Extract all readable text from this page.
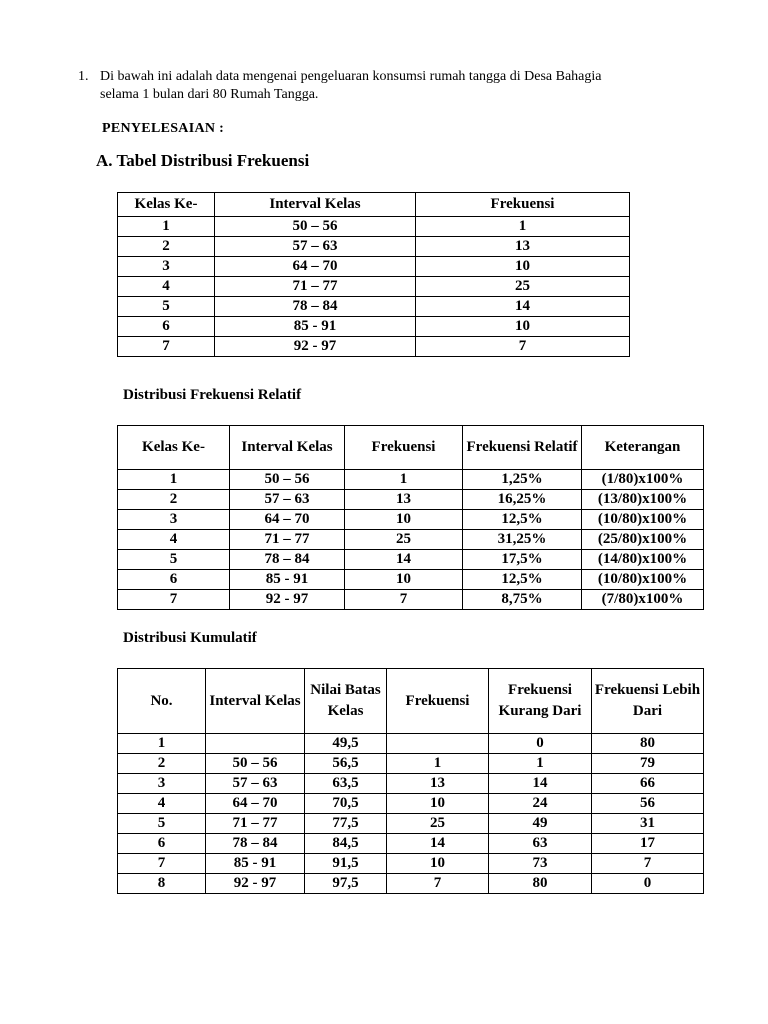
1. Di bawah ini adalah data mengenai pengeluaran konsumsi rumah tangga di Desa Bahagia
selama 1 bulan dari 80 Rumah Tangga.
PENYELESAIAN :
A. Tabel Distribusi Frekuensi
Kelas Ke-	Interval Kelas	Frekuensi
1	50 – 56	1
2	57 – 63	13
3	64 – 70	10
4	71 – 77	25
5	78 – 84	14
6	85 - 91	10
7	92 - 97	7
Distribusi Frekuensi Relatif
Kelas Ke-	Interval Kelas	Frekuensi	Frekuensi Relatif	Keterangan
1	50 – 56	1	1,25%	(1/80)x100%
2	57 – 63	13	16,25%	(13/80)x100%
3	64 – 70	10	12,5%	(10/80)x100%
4	71 – 77	25	31,25%	(25/80)x100%
5	78 – 84	14	17,5%	(14/80)x100%
6	85 - 91	10	12,5%	(10/80)x100%
7	92 - 97	7	8,75%	(7/80)x100%
Distribusi Kumulatif
No.	Interval Kelas	Nilai Batas Kelas	Frekuensi	Frekuensi Kurang Dari	Frekuensi Lebih Dari
1		49,5		0	80
2	50 – 56	56,5	1	1	79
3	57 – 63	63,5	13	14	66
4	64 – 70	70,5	10	24	56
5	71 – 77	77,5	25	49	31
6	78 – 84	84,5	14	63	17
7	85 - 91	91,5	10	73	7
8	92 - 97	97,5	7	80	0
